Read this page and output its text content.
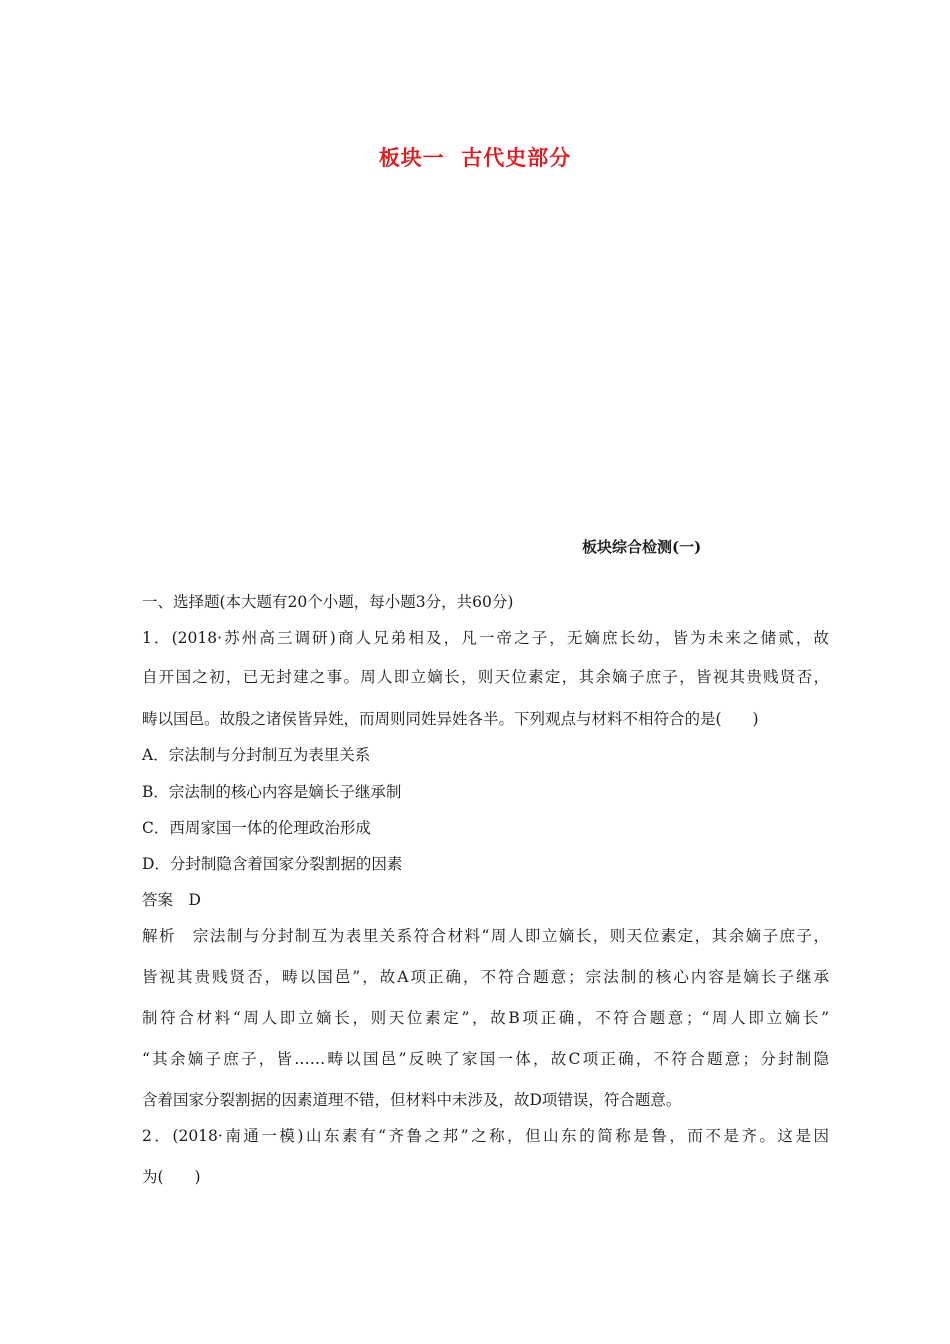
板块一  古代史部分
板块综合检测(一)
一、选择题(本大题有20个小题，每小题3分，共60分)
1．(2018·苏州高三调研)商人兄弟相及，凡一帝之子，无嫡庶长幼，皆为未来之储贰，故
自开国之初，已无封建之事。周人即立嫡长，则天位素定，其余嫡子庶子，皆视其贵贱贤否，
畴以国邑。故殷之诸侯皆异姓，而周则同姓异姓各半。下列观点与材料不相符合的是(　　)
A．宗法制与分封制互为表里关系
B．宗法制的核心内容是嫡长子继承制
C．西周家国一体的伦理政治形成
D．分封制隐含着国家分裂割据的因素
答案　D
解析　宗法制与分封制互为表里关系符合材料“周人即立嫡长，则天位素定，其余嫡子庶子，
皆视其贵贱贤否，畴以国邑”，故A项正确，不符合题意；宗法制的核心内容是嫡长子继承
制符合材料“周人即立嫡长，则天位素定”，故B项正确，不符合题意；“周人即立嫡长”
“其余嫡子庶子，皆……畴以国邑”反映了家国一体，故C项正确，不符合题意；分封制隐
含着国家分裂割据的因素道理不错，但材料中未涉及，故D项错误，符合题意。
2．(2018·南通一模)山东素有“齐鲁之邦”之称，但山东的简称是鲁，而不是齐。这是因
为(　　)
